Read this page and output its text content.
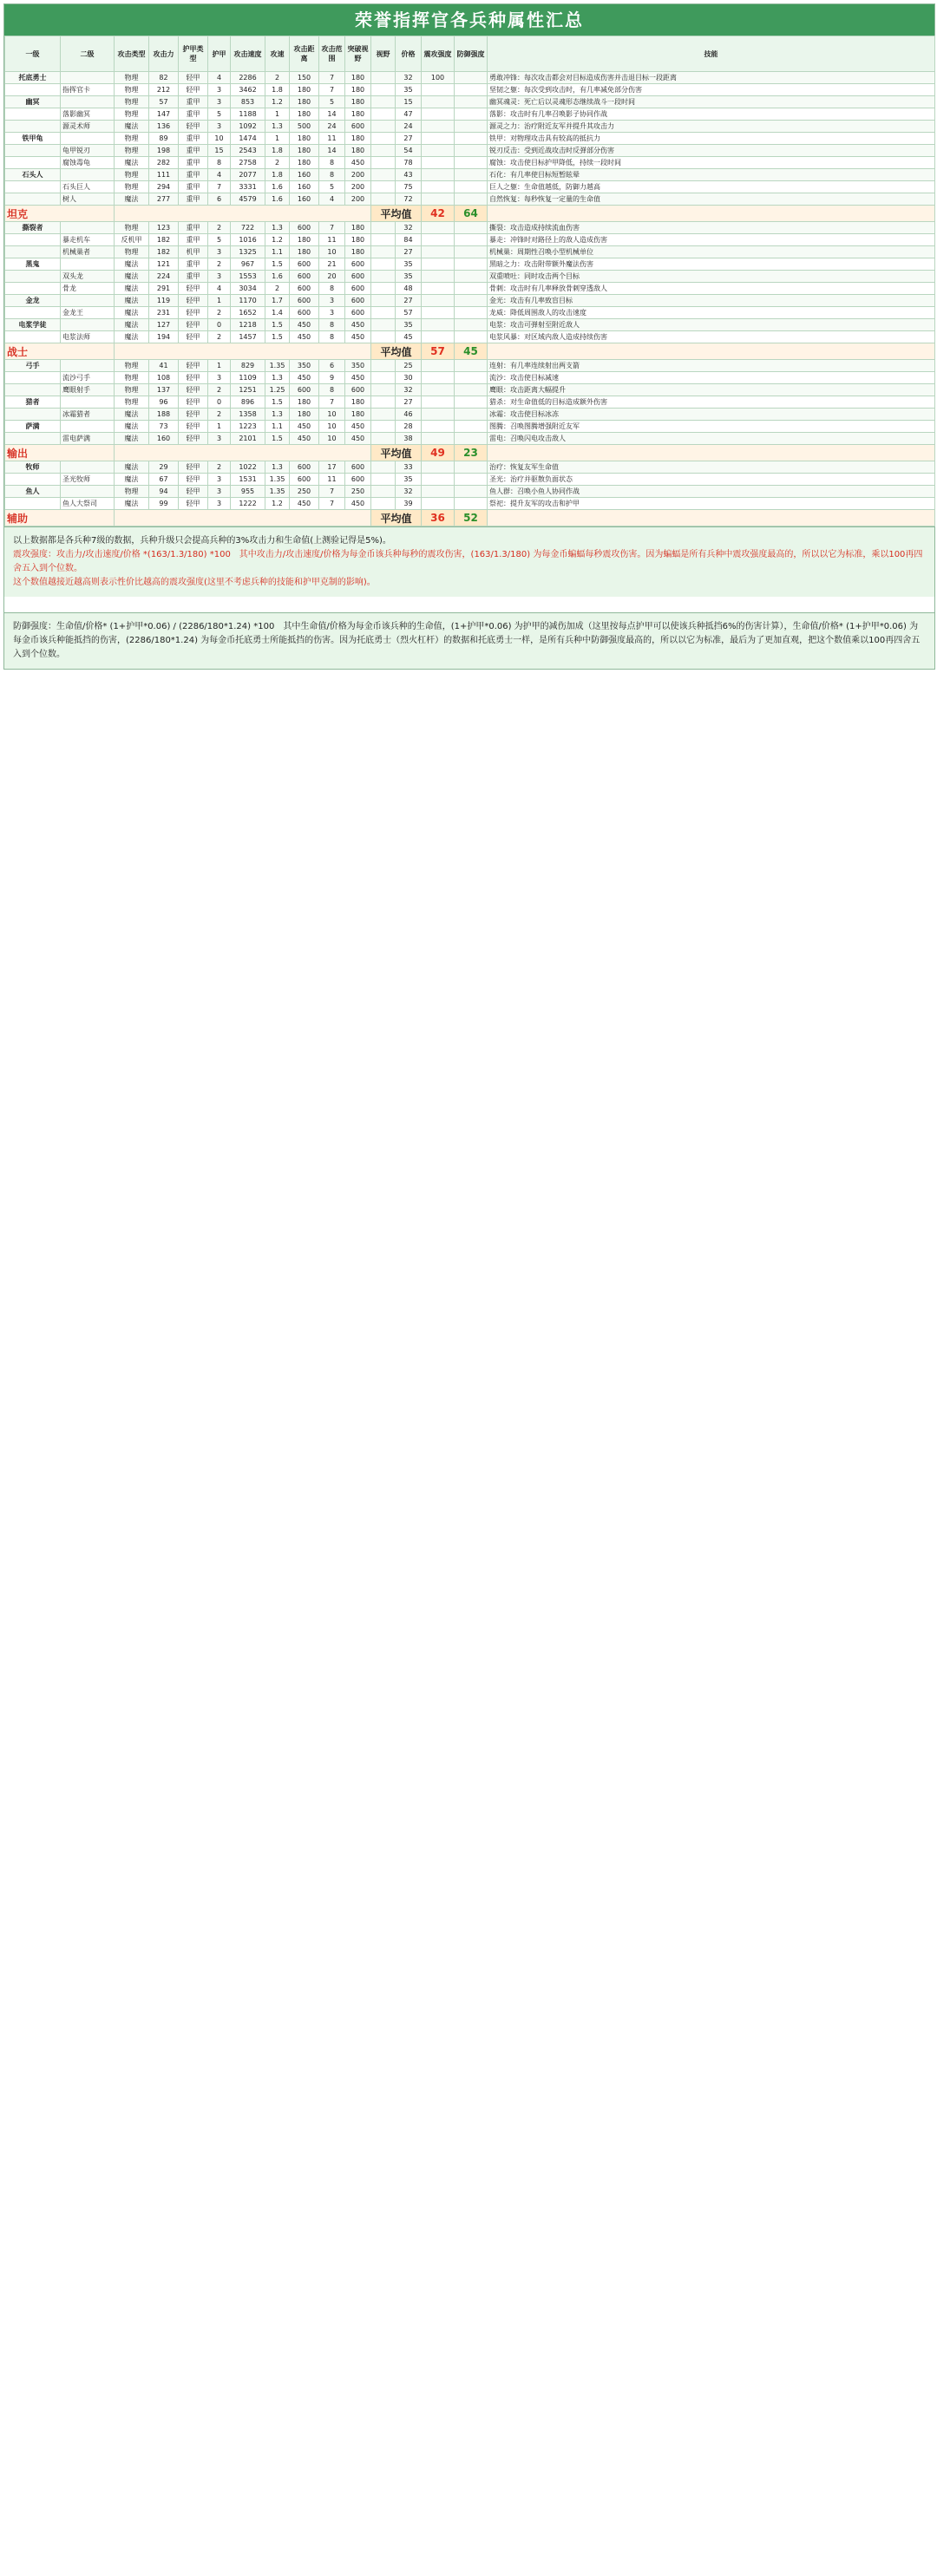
荣誉指挥官各兵种属性汇总
一级	二级	攻击类型	攻击力	护甲类型	护甲	攻击速度	攻速	攻击距离	攻击范围	突破视野	视野	价格	震攻强度	防御强度	技能
托底勇士		物理	82	轻甲	4	2286	2	150	7	180		32	100		勇敢冲锋：每次攻击都会对目标造成伤害并击退目标一段距离
	指挥官卡	物理	212	轻甲	3	3462	1.8	180	7	180		35			坚韧之躯：每次受到攻击时，有几率减免部分伤害
幽冥		物理	57	重甲	3	853	1.2	180	5	180		15			幽冥魂灵：死亡后以灵魂形态继续战斗一段时间
	落影幽冥	物理	147	重甲	5	1188	1	180	14	180		47			落影：攻击时有几率召唤影子协同作战
	源灵术师	魔法	136	轻甲	3	1092	1.3	500	24	600		24			源灵之力：治疗附近友军并提升其攻击力
铁甲龟		物理	89	重甲	10	1474	1	180	11	180		27			铁甲：对物理攻击具有较高的抵抗力
	龟甲锐刃	物理	198	重甲	15	2543	1.8	180	14	180		54			锐刃反击：受到近战攻击时反弹部分伤害
	腐蚀毒龟	魔法	282	重甲	8	2758	2	180	8	450		78			腐蚀：攻击使目标护甲降低，持续一段时间
石头人		物理	111	重甲	4	2077	1.8	160	8	200		43			石化：有几率使目标短暂眩晕
	石头巨人	物理	294	重甲	7	3331	1.6	160	5	200		75			巨人之躯：生命值越低，防御力越高
	树人	魔法	277	重甲	6	4579	1.6	160	4	200		72			自然恢复：每秒恢复一定量的生命值
坦克											平均值		42	64	
撕裂者		物理	123	重甲	2	722	1.3	600	7	180		32			撕裂：攻击造成持续流血伤害
	暴走机车	反机甲	182	重甲	5	1016	1.2	180	11	180		84			暴走：冲锋时对路径上的敌人造成伤害
	机械巢者	物理	182	机甲	3	1325	1.1	180	10	180		27			机械巢：周期性召唤小型机械单位
黑鬼		魔法	121	重甲	2	967	1.5	600	21	600		35			黑暗之力：攻击附带额外魔法伤害
	双头龙	魔法	224	重甲	3	1553	1.6	600	20	600		35			双重喷吐：同时攻击两个目标
	骨龙	魔法	291	轻甲	4	3034	2	600	8	600		48			骨刺：攻击时有几率释放骨刺穿透敌人
金龙		魔法	119	轻甲	1	1170	1.7	600	3	600		27			金光：攻击有几率致盲目标
	金龙王	魔法	231	轻甲	2	1652	1.4	600	3	600		57			龙威：降低周围敌人的攻击速度
电浆学徒		魔法	127	轻甲	0	1218	1.5	450	8	450		35			电浆：攻击可弹射至附近敌人
	电浆法师	魔法	194	轻甲	2	1457	1.5	450	8	450		45			电浆风暴：对区域内敌人造成持续伤害
战士											平均值		57	45	
弓手		物理	41	轻甲	1	829	1.35	350	6	350		25			连射：有几率连续射出两支箭
	流沙弓手	物理	108	轻甲	3	1109	1.3	450	9	450		30			流沙：攻击使目标减速
	鹰眼射手	物理	137	轻甲	2	1251	1.25	600	8	600		32			鹰眼：攻击距离大幅提升
猎者		物理	96	轻甲	0	896	1.5	180	7	180		27			猎杀：对生命值低的目标造成额外伤害
	冰霜猎者	魔法	188	轻甲	2	1358	1.3	180	10	180		46			冰霜：攻击使目标冰冻
萨满		魔法	73	轻甲	1	1223	1.1	450	10	450		28			图腾：召唤图腾增强附近友军
	雷电萨满	魔法	160	轻甲	3	2101	1.5	450	10	450		38			雷电：召唤闪电攻击敌人
输出											平均值		49	23	
牧师		魔法	29	轻甲	2	1022	1.3	600	17	600		33			治疗：恢复友军生命值
	圣光牧师	魔法	67	轻甲	3	1531	1.35	600	11	600		35			圣光：治疗并驱散负面状态
鱼人		物理	94	轻甲	3	955	1.35	250	7	250		32			鱼人群：召唤小鱼人协同作战
	鱼人大祭司	魔法	99	轻甲	3	1222	1.2	450	7	450		39			祭祀：提升友军的攻击和护甲
辅助											平均值		36	52	
以上数据都是各兵种7级的数据，兵种升级只会提高兵种的3%攻击力和生命值(上测验记得是5%)。
震攻强度：攻击力/攻击速度/价格 *(163/1.3/180) *100　其中攻击力/攻击速度/价格为每金币该兵种每秒的震攻伤害，(163/1.3/180) 为每金币蝙蝠每秒震攻伤害。因为蝙蝠是所有兵种中震攻强度最高的，所以以它为标准，乘以100再四舍五入到个位数。
这个数值越接近越高则表示性价比越高的震攻强度(这里不考虑兵种的技能和护甲克制的影响)。
防御强度：生命值/价格* (1+护甲*0.06) / (2286/180*1.24) *100　其中生命值/价格为每金币该兵种的生命值，(1+护甲*0.06) 为护甲的减伤加成（这里按每点护甲可以使该兵种抵挡6%的伤害计算），生命值/价格* (1+护甲*0.06) 为每金币该兵种能抵挡的伤害，(2286/180*1.24) 为每金币托底勇士所能抵挡的伤害。因为托底勇士（烈火杠杆）的数据和托底勇士一样，是所有兵种中防御强度最高的，所以以它为标准，最后为了更加直观，把这个数值乘以100再四舍五入到个位数。
